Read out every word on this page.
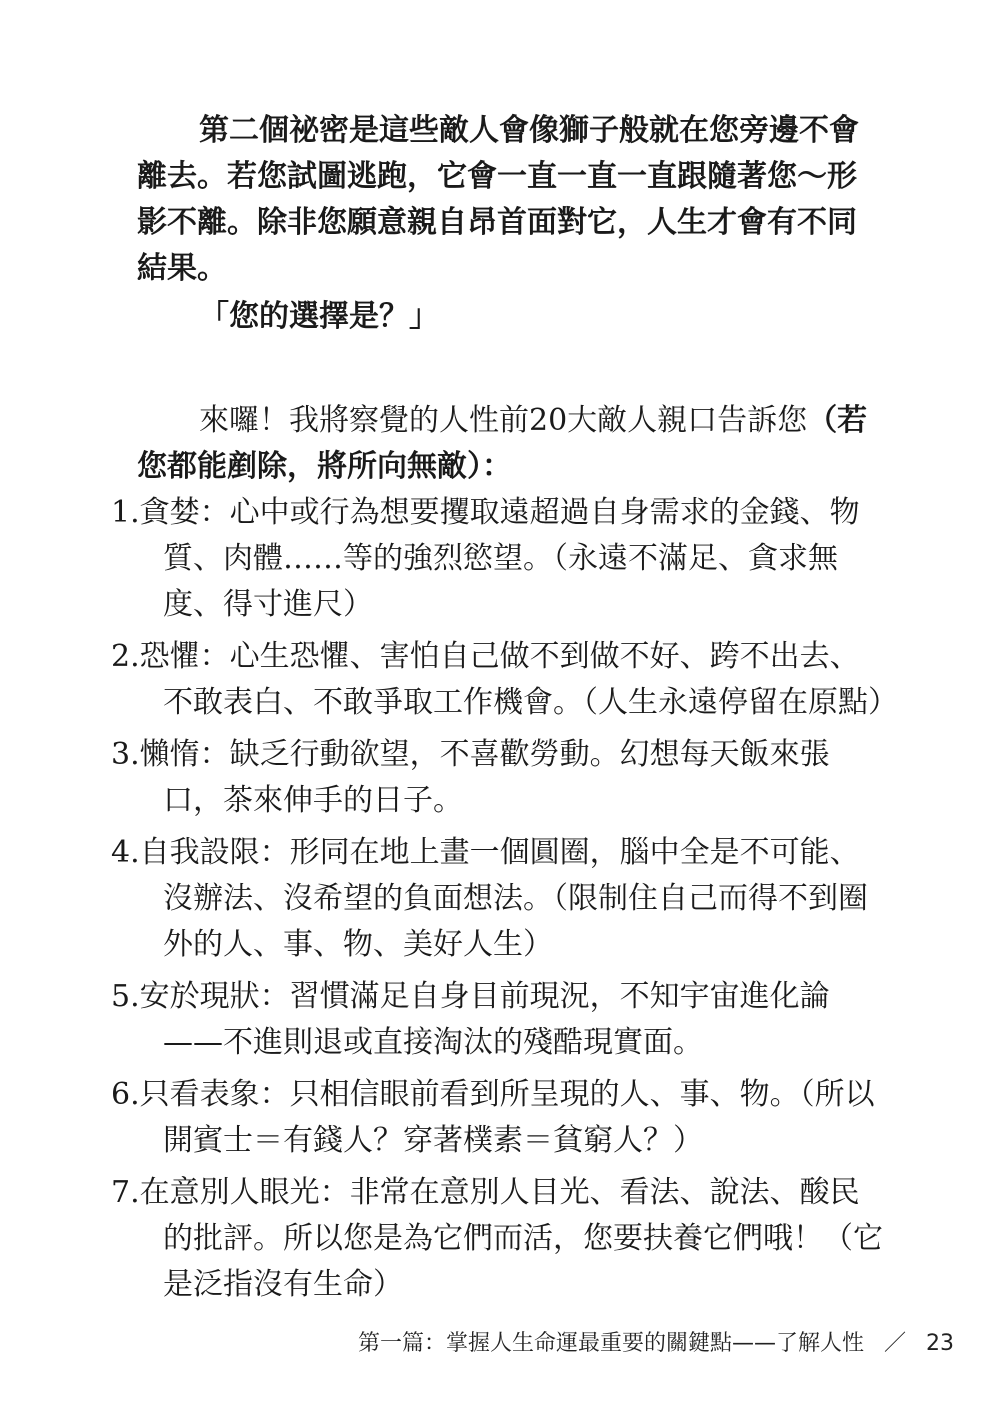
第二個祕密是這些敵人會像獅子般就在您旁邊不會離去。若您試圖逃跑，它會一直一直一直跟隨著您～形影不離。除非您願意親自昂首面對它，人生才會有不同結果。

「您的選擇是？」

來囉！我將察覺的人性前20大敵人親口告訴您（若您都能剷除，將所向無敵）：

1.貪婪：心中或行為想要攫取遠超過自身需求的金錢、物質、肉體……等的強烈慾望。（永遠不滿足、貪求無度、得寸進尺）
2.恐懼：心生恐懼、害怕自己做不到做不好、跨不出去、不敢表白、不敢爭取工作機會。（人生永遠停留在原點）
3.懶惰：缺乏行動欲望，不喜歡勞動。幻想每天飯來張口，茶來伸手的日子。
4.自我設限：形同在地上畫一個圓圈，腦中全是不可能、沒辦法、沒希望的負面想法。（限制住自己而得不到圈外的人、事、物、美好人生）
5.安於現狀：習慣滿足自身目前現況，不知宇宙進化論——不進則退或直接淘汰的殘酷現實面。
6.只看表象：只相信眼前看到所呈現的人、事、物。（所以開賓士＝有錢人？穿著樸素＝貧窮人？）
7.在意別人眼光：非常在意別人目光、看法、說法、酸民的批評。所以您是為它們而活，您要扶養它們哦！（它是泛指沒有生命）
第一篇：掌握人生命運最重要的關鍵點——了解人性 ／ 23
